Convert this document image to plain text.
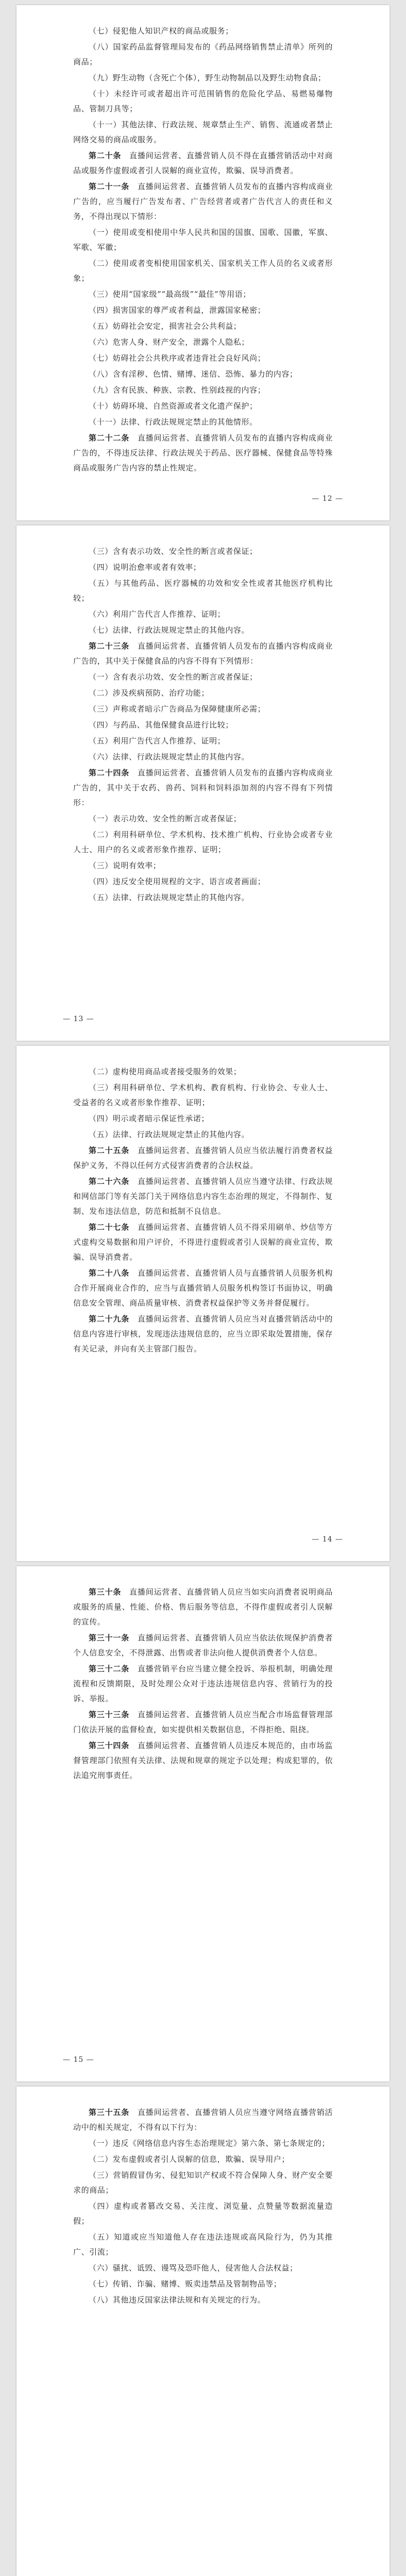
（七）侵犯他人知识产权的商品或服务；

（八）国家药品监督管理局发布的《药品网络销售禁止清单》所列的商品；

（九）野生动物（含死亡个体），野生动物制品以及野生动物食品；

（十）未经许可或者超出许可范围销售的危险化学品、易燃易爆物品、管制刀具等；

（十一）其他法律、行政法规、规章禁止生产、销售、流通或者禁止网络交易的商品或服务。

第二十条　 直播间运营者、直播营销人员不得在直播营销活动中对商品或服务作虚假或者引人误解的商业宣传，欺骗、误导消费者。

第二十一条　 直播间运营者、直播营销人员发布的直播内容构成商业广告的，应当履行广告发布者、广告经营者或者广告代言人的责任和义务，不得出现以下情形：

（一）使用或变相使用中华人民共和国的国旗、国歌、国徽，军旗、军歌、军徽；

（二）使用或者变相使用国家机关、国家机关工作人员的名义或者形象；

（三）使用“国家级”“最高级”“最佳”等用语；

（四）损害国家的尊严或者利益，泄露国家秘密；

（五）妨碍社会安定，损害社会公共利益；

（六）危害人身、财产安全，泄露个人隐私；

（七）妨碍社会公共秩序或者违背社会良好风尚；

（八）含有淫秽、色情、赌博、迷信、恐怖、暴力的内容；

（九）含有民族、种族、宗教、性别歧视的内容；

（十）妨碍环境、自然资源或者文化遗产保护；

（十一）法律、行政法规规定禁止的其他情形。

第二十二条　 直播间运营者、直播营销人员发布的直播内容构成商业广告的，不得违反法律、行政法规关于药品、医疗器械、保健食品等特殊商品或服务广告内容的禁止性规定。

— 12 —

（三）含有表示功效、安全性的断言或者保证；

（四）说明治愈率或者有效率；

（五）与其他药品、医疗器械的功效和安全性或者其他医疗机构比较；

（六）利用广告代言人作推荐、证明；

（七）法律、行政法规规定禁止的其他内容。

第二十三条　 直播间运营者、直播营销人员发布的直播内容构成商业广告的，其中关于保健食品的内容不得有下列情形：

（一）含有表示功效、安全性的断言或者保证；

（二）涉及疾病预防、治疗功能；

（三）声称或者暗示广告商品为保障健康所必需；

（四）与药品、其他保健食品进行比较；

（五）利用广告代言人作推荐、证明；

（六）法律、行政法规规定禁止的其他内容。

第二十四条　 直播间运营者、直播营销人员发布的直播内容构成商业广告的，其中关于农药、兽药、饲料和饲料添加剂的内容不得有下列情形：

（一）表示功效、安全性的断言或者保证；

（二）利用科研单位、学术机构、技术推广机构、行业协会或者专业人士、用户的名义或者形象作推荐、证明；

（三）说明有效率；

（四）违反安全使用规程的文字、语言或者画面；

（五）法律、行政法规规定禁止的其他内容。

— 13 —

（二）虚构使用商品或者接受服务的效果；

（三）利用科研单位、学术机构、教育机构、行业协会、专业人士、受益者的名义或者形象作推荐、证明；

（四）明示或者暗示保证性承诺；

（五）法律、行政法规规定禁止的其他内容。

第二十五条　 直播间运营者、直播营销人员应当依法履行消费者权益保护义务，不得以任何方式侵害消费者的合法权益。

第二十六条　 直播间运营者、直播营销人员应当遵守法律、行政法规和网信部门等有关部门关于网络信息内容生态治理的规定，不得制作、复制、发布违法信息，防范和抵制不良信息。

第二十七条　 直播间运营者、直播营销人员不得采用刷单、炒信等方式虚构交易数据和用户评价，不得进行虚假或者引人误解的商业宣传，欺骗、误导消费者。

第二十八条　 直播间运营者、直播营销人员与直播营销人员服务机构合作开展商业合作的，应当与直播营销人员服务机构签订书面协议，明确信息安全管理、商品质量审核、消费者权益保护等义务并督促履行。

第二十九条　 直播间运营者、直播营销人员应当对直播营销活动中的信息内容进行审核，发现违法违规信息的，应当立即采取处置措施，保存有关记录，并向有关主管部门报告。

— 14 —

第三十条　 直播间运营者、直播营销人员应当如实向消费者说明商品或服务的质量、性能、价格、售后服务等信息，不得作虚假或者引人误解的宣传。

第三十一条　 直播间运营者、直播营销人员应当依法依规保护消费者个人信息安全，不得泄露、出售或者非法向他人提供消费者个人信息。

第三十二条　 直播营销平台应当建立健全投诉、举报机制，明确处理流程和反馈期限，及时处理公众对于违法违规信息内容、营销行为的投诉、举报。

第三十三条　 直播间运营者、直播营销人员应当配合市场监督管理部门依法开展的监督检查，如实提供相关数据信息，不得拒绝、阻挠。

第三十四条　 直播间运营者、直播营销人员违反本规范的，由市场监督管理部门依照有关法律、法规和规章的规定予以处理；构成犯罪的，依法追究刑事责任。

— 15 —

第三十五条　 直播间运营者、直播营销人员应当遵守网络直播营销活动中的相关规定，不得有以下行为：

（一）违反《网络信息内容生态治理规定》第六条、第七条规定的；

（二）发布虚假或者引人误解的信息，欺骗、误导用户；

（三）营销假冒伪劣、侵犯知识产权或不符合保障人身、财产安全要求的商品；

（四）虚构或者篡改交易、关注度、浏览量、点赞量等数据流量造假；

（五）知道或应当知道他人存在违法违规或高风险行为，仍为其推广、引流；

（六）骚扰、诋毁、谩骂及恐吓他人，侵害他人合法权益；

（七）传销、诈骗、赌博、贩卖违禁品及管制物品等；

（八）其他违反国家法律法规和有关规定的行为。
